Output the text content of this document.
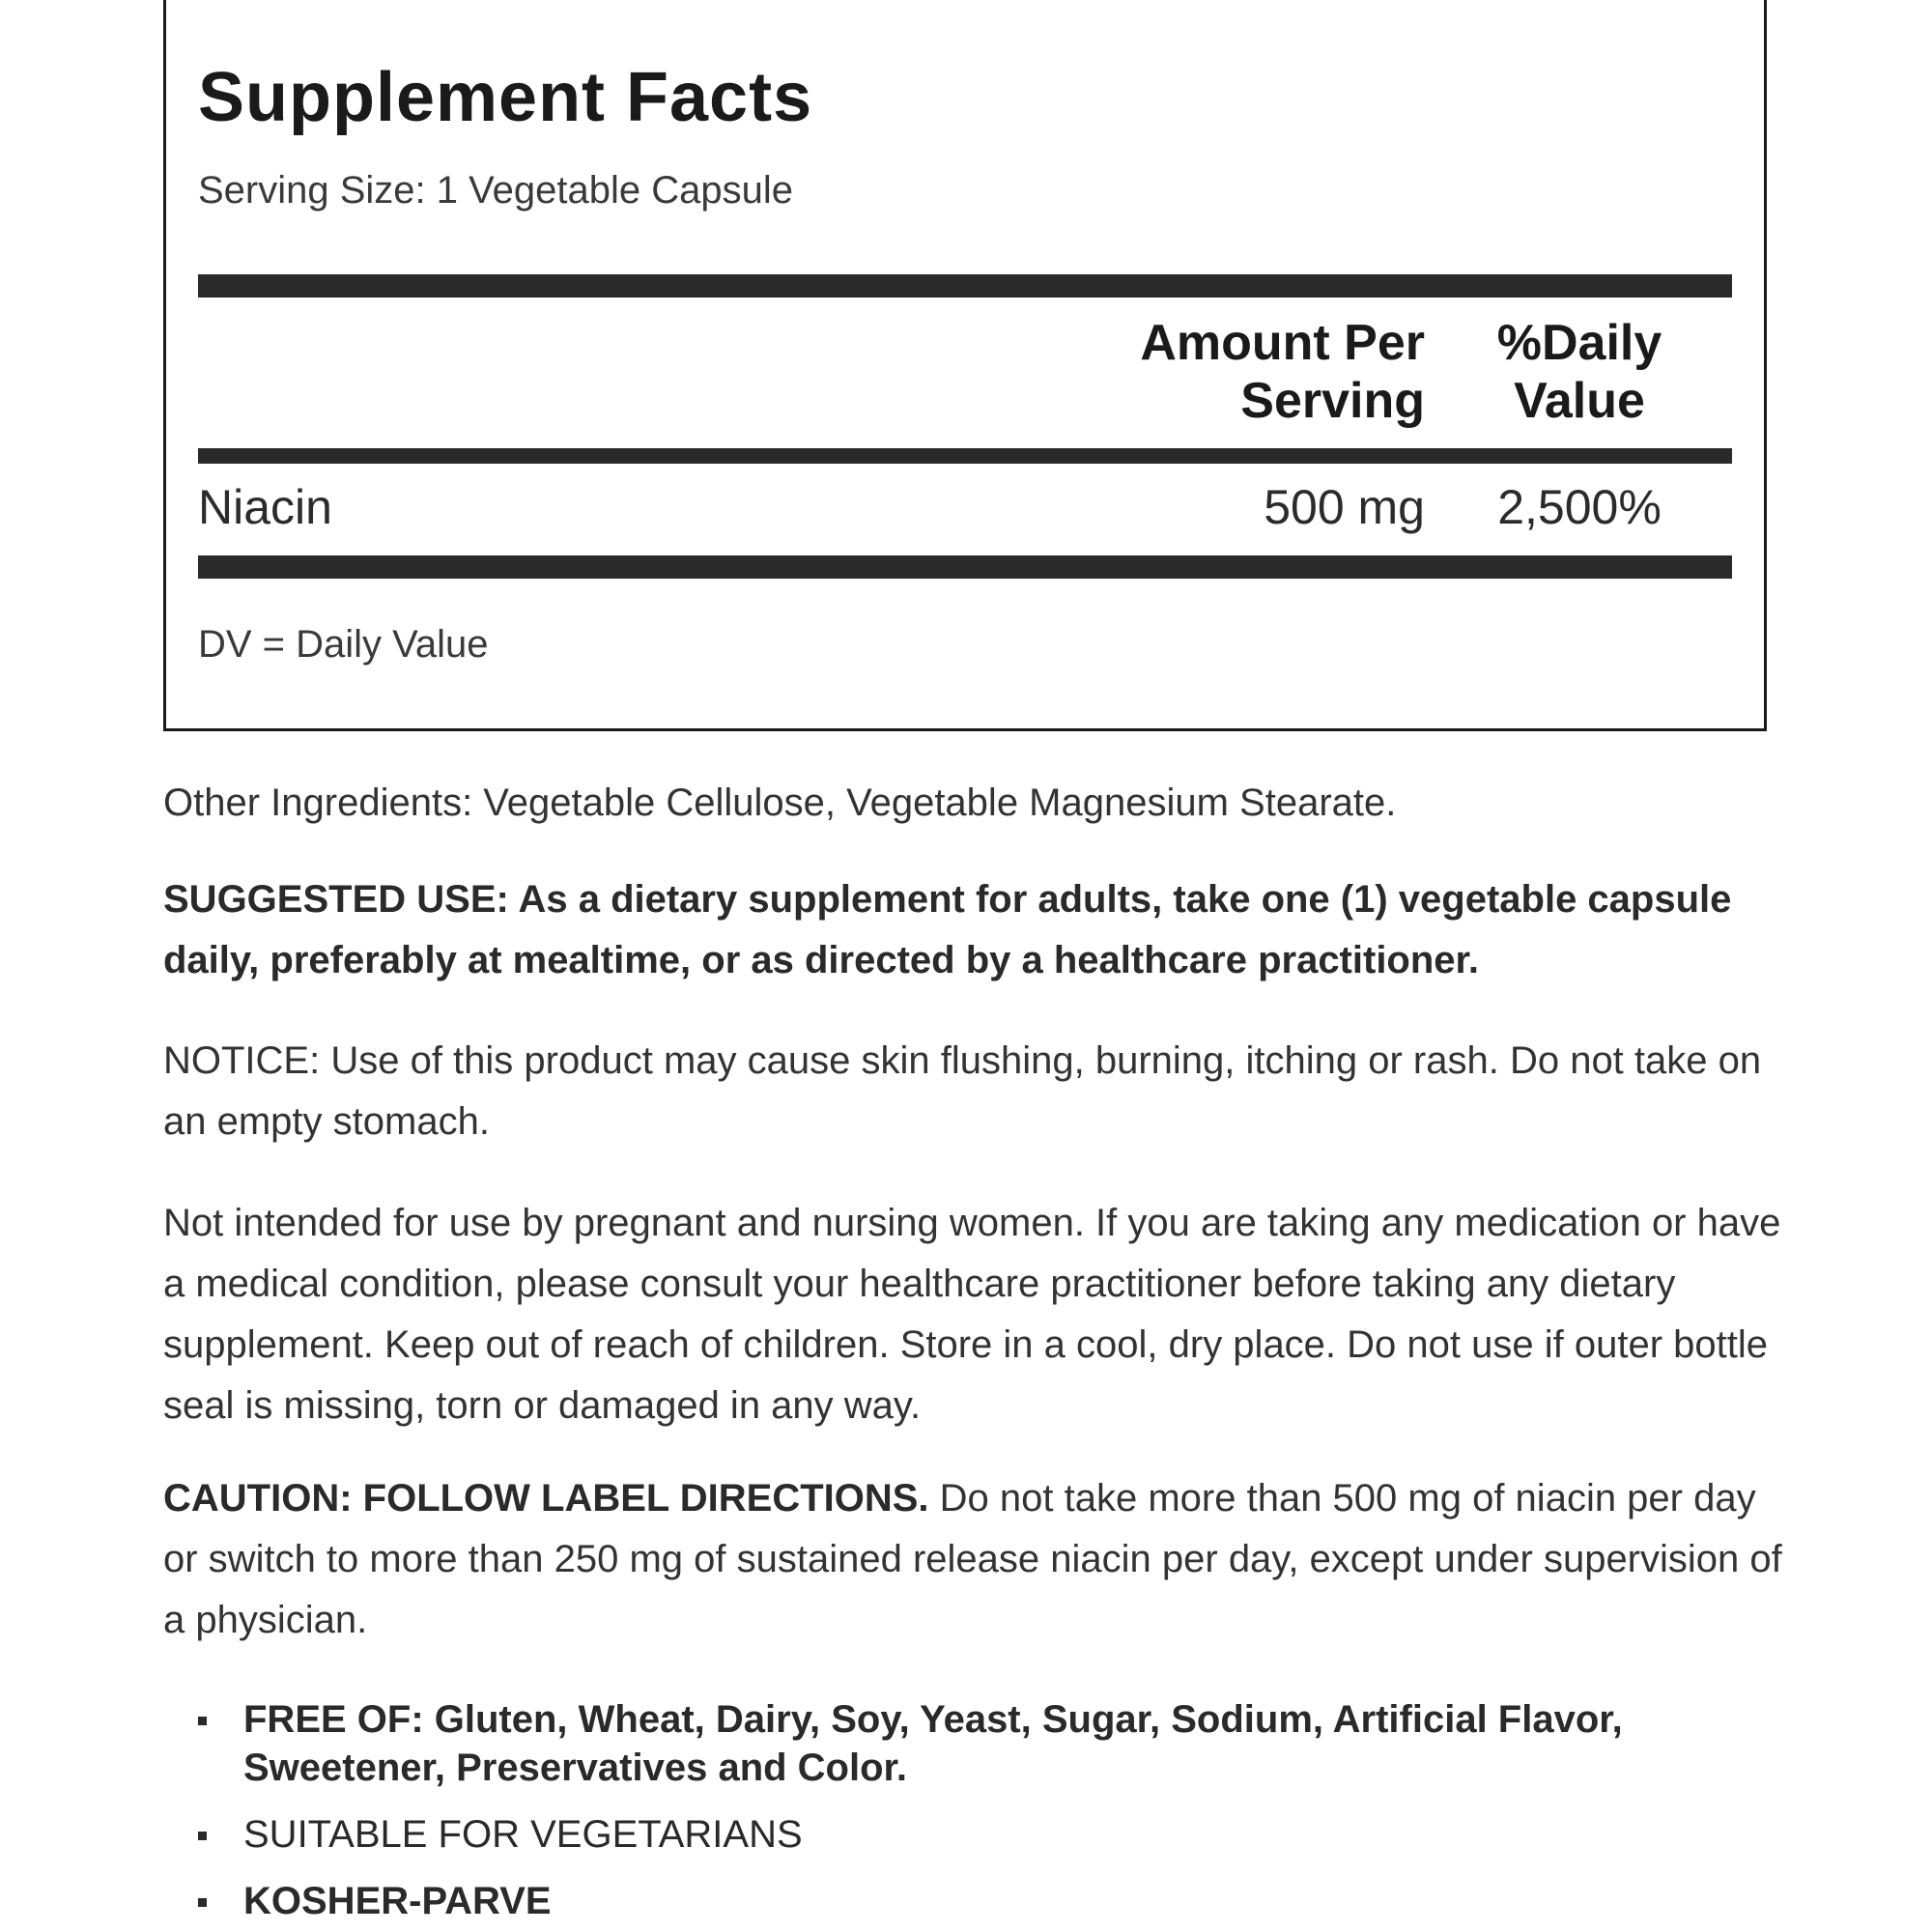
Supplement Facts
Serving Size: 1 Vegetable Capsule
Amount Per
Serving
%Daily
Value
Niacin	500 mg	2,500%
DV = Daily Value
Other Ingredients: Vegetable Cellulose, Vegetable Magnesium Stearate.
SUGGESTED USE: As a dietary supplement for adults, take one (1) vegetable capsule daily, preferably at mealtime, or as directed by a healthcare practitioner.
NOTICE: Use of this product may cause skin flushing, burning, itching or rash. Do not take on an empty stomach.
Not intended for use by pregnant and nursing women. If you are taking any medication or have a medical condition, please consult your healthcare practitioner before taking any dietary supplement. Keep out of reach of children. Store in a cool, dry place. Do not use if outer bottle seal is missing, torn or damaged in any way.
CAUTION: FOLLOW LABEL DIRECTIONS. Do not take more than 500 mg of niacin per day or switch to more than 250 mg of sustained release niacin per day, except under supervision of a physician.
FREE OF: Gluten, Wheat, Dairy, Soy, Yeast, Sugar, Sodium, Artificial Flavor, Sweetener, Preservatives and Color.
SUITABLE FOR VEGETARIANS
KOSHER-PARVE
